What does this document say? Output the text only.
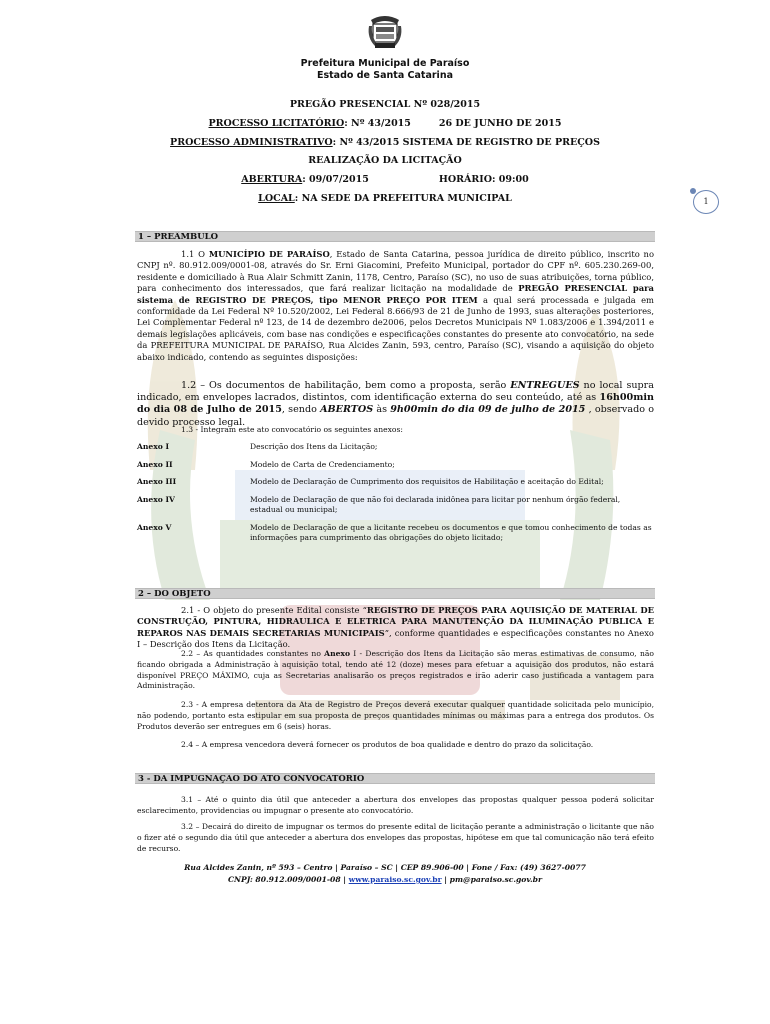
Prefeitura Municipal de Paraíso
Estado de Santa Catarina
PREGÃO PRESENCIAL Nº 028/2015
PROCESSO LICITATÓRIO: Nº 43/2015	26 DE JUNHO DE 2015
PROCESSO ADMINISTRATIVO: Nº 43/2015 SISTEMA DE REGISTRO DE PREÇOS
REALIZAÇÃO DA LICITAÇÃO
ABERTURA: 09/07/2015	HORÁRIO: 09:00
LOCAL: NA SEDE DA PREFEITURA MUNICIPAL	1
1 – PREÂMBULO
1.1 O MUNICÍPIO DE PARAÍSO, Estado de Santa Catarina, pessoa jurídica de direito público, inscrito no CNPJ nº. 80.912.009/0001-08, através do Sr. Erni Giacomini, Prefeito Municipal, portador do CPF nº. 605.230.269-00, residente e domiciliado à Rua Alair Schmitt Zanin, 1178, Centro, Paraíso (SC), no uso de suas atribuições, torna público, para conhecimento dos interessados, que fará realizar licitação na modalidade de PREGÃO PRESENCIAL para sistema de REGISTRO DE PREÇOS, tipo MENOR PREÇO POR ITEM a qual será processada e julgada em conformidade da Lei Federal Nº 10.520/2002, Lei Federal 8.666/93 de 21 de Junho de 1993, suas alterações posteriores, Lei Complementar Federal nº 123, de 14 de dezembro de2006, pelos Decretos Municipais Nº 1.083/2006 e 1.394/2011 e demais legislações aplicáveis, com base nas condições e especificações constantes do presente ato convocatório, na sede da PREFEITURA MUNICIPAL DE PARAÍSO, Rua Alcides Zanin, 593, centro, Paraíso (SC), visando a aquisição do objeto abaixo indicado, contendo as seguintes disposições:
1.2 – Os documentos de habilitação, bem como a proposta, serão ENTREGUES no local supra indicado, em envelopes lacrados, distintos, com identificação externa do seu conteúdo, até as 16h00min do dia 08 de Julho de 2015, sendo ABERTOS às 9h00min do dia 09 de julho de 2015 , observado o devido processo legal.
1.3 - Integram este ato convocatório os seguintes anexos:
Anexo I	Descrição dos Itens da Licitação;
Anexo II	Modelo de Carta de Credenciamento;
Anexo III	Modelo de Declaração de Cumprimento dos requisitos de Habilitação e aceitação do Edital;
Anexo IV	Modelo de Declaração de que não foi declarada inidônea para licitar por nenhum órgão federal, estadual ou municipal;
Anexo V	Modelo de Declaração de que a licitante recebeu os documentos e que tomou conhecimento de todas as informações para cumprimento das obrigações do objeto licitado;
2 – DO OBJETO
2.1 - O objeto do presente Edital consiste “REGISTRO DE PREÇOS PARA AQUISIÇÃO DE MATERIAL DE CONSTRUÇÃO, PINTURA, HIDRAULICA E ELETRICA PARA MANUTENÇÃO DA ILUMINAÇÃO PUBLICA E REPAROS NAS DEMAIS SECRETARIAS MUNICIPAIS”, conforme quantidades e especificações constantes no Anexo I – Descrição dos Itens da Licitação.
2.2 – As quantidades constantes no Anexo I - Descrição dos Itens da Licitação são meras estimativas de consumo, não ficando obrigada a Administração à aquisição total, tendo até 12 (doze) meses para efetuar a aquisição dos produtos, não estará disponível PREÇO MÁXIMO, cuja as Secretarias analisarão os preços registrados e irão aderir caso justificada a vantagem para Administração.
2.3 - A empresa detentora da Ata de Registro de Preços deverá executar qualquer quantidade solicitada pelo município, não podendo, portanto esta estipular em sua proposta de preços quantidades mínimas ou máximas para a entrega dos produtos. Os Produtos deverão ser entregues em 6 (seis) horas.
2.4 – A empresa vencedora deverá fornecer os produtos de boa qualidade e dentro do prazo da solicitação.
3 - DA IMPUGNAÇÃO DO ATO CONVOCATÓRIO
3.1 – Até o quinto dia útil que anteceder a abertura dos envelopes das propostas qualquer pessoa poderá solicitar esclarecimento, providencias ou impugnar o presente ato convocatório.
3.2 – Decairá do direito de impugnar os termos do presente edital de licitação perante a administração o licitante que não o fizer até o segundo dia útil que anteceder a abertura dos envelopes das propostas, hipótese em que tal comunicação não terá efeito de recurso.
Rua Alcides Zanin, nº 593 – Centro | Paraíso – SC | CEP 89.906-00 | Fone / Fax: (49) 3627-0077
CNPJ: 80.912.009/0001-08 | www.paraiso.sc.gov.br | pm@paraiso.sc.gov.br
